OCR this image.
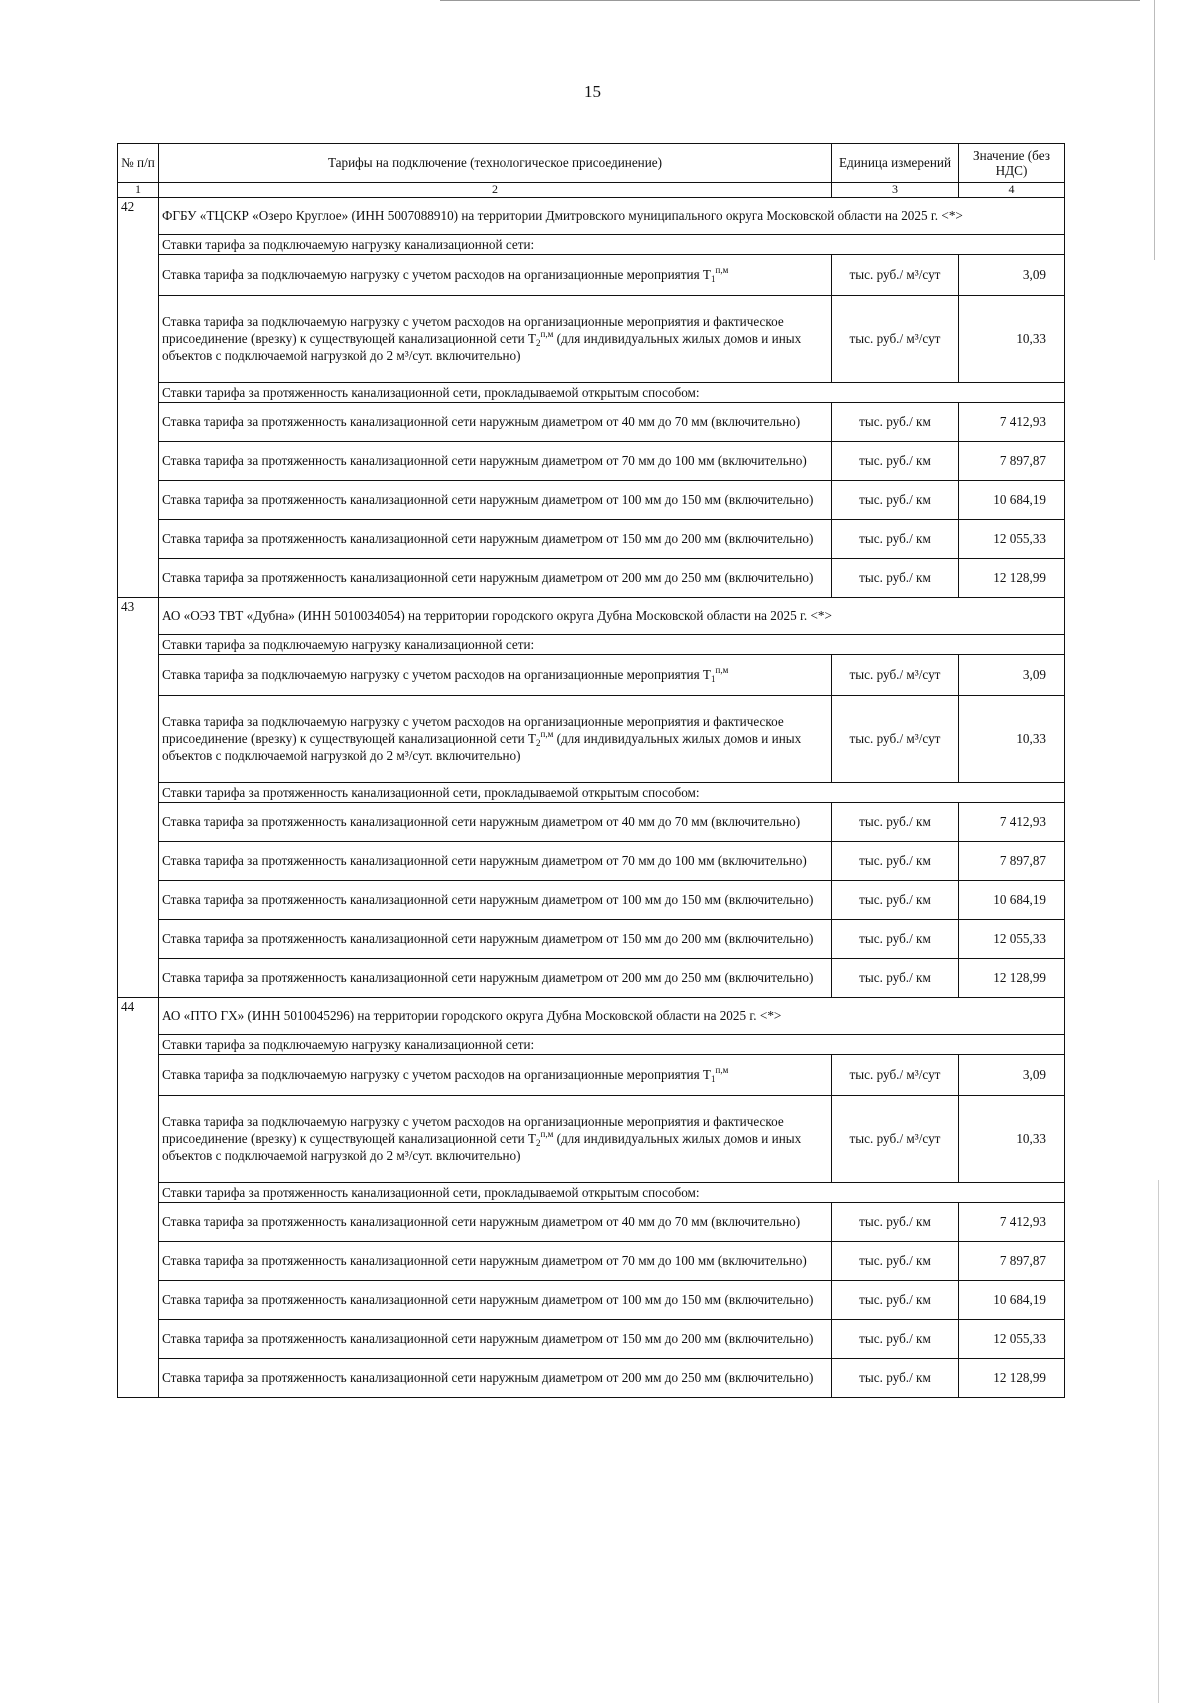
15
№ п/п	Тарифы на подключение (технологическое присоединение)	Единица измерений	Значение (без НДС)
1	2	3	4
42	ФГБУ «ТЦСКР «Озеро Круглое» (ИНН 5007088910) на территории Дмитровского муниципального округа Московской области на 2025 г. <*>		
	Ставки тарифа за подключаемую нагрузку канализационной сети:		
	Ставка тарифа за подключаемую нагрузку с учетом расходов на организационные мероприятия $T_1^{п,м}$	тыс. руб./ м³/сут	3,09
	Ставка тарифа за подключаемую нагрузку с учетом расходов на организационные мероприятия и фактическое присоединение (врезку) к существующей канализационной сети $T_2^{п,м}$ (для индивидуальных жилых домов и иных объектов с подключаемой нагрузкой до 2 м³/сут. включительно)	тыс. руб./ м³/сут	10,33
	Ставки тарифа за протяженность канализационной сети, прокладываемой открытым способом:		
	Ставка тарифа за протяженность канализационной сети наружным диаметром от 40 мм до 70 мм (включительно)	тыс. руб./ км	7 412,93
	Ставка тарифа за протяженность канализационной сети наружным диаметром от 70 мм до 100 мм (включительно)	тыс. руб./ км	7 897,87
	Ставка тарифа за протяженность канализационной сети наружным диаметром от 100 мм до 150 мм (включительно)	тыс. руб./ км	10 684,19
	Ставка тарифа за протяженность канализационной сети наружным диаметром от 150 мм до 200 мм (включительно)	тыс. руб./ км	12 055,33
	Ставка тарифа за протяженность канализационной сети наружным диаметром от 200 мм до 250 мм (включительно)	тыс. руб./ км	12 128,99
43	АО «ОЭЗ ТВТ «Дубна» (ИНН 5010034054) на территории городского округа Дубна Московской области на 2025 г. <*>		
	Ставки тарифа за подключаемую нагрузку канализационной сети:		
	Ставка тарифа за подключаемую нагрузку с учетом расходов на организационные мероприятия $T_1^{п,м}$	тыс. руб./ м³/сут	3,09
	Ставка тарифа за подключаемую нагрузку с учетом расходов на организационные мероприятия и фактическое присоединение (врезку) к существующей канализационной сети $T_2^{п,м}$ (для индивидуальных жилых домов и иных объектов с подключаемой нагрузкой до 2 м³/сут. включительно)	тыс. руб./ м³/сут	10,33
	Ставки тарифа за протяженность канализационной сети, прокладываемой открытым способом:		
	Ставка тарифа за протяженность канализационной сети наружным диаметром от 40 мм до 70 мм (включительно)	тыс. руб./ км	7 412,93
	Ставка тарифа за протяженность канализационной сети наружным диаметром от 70 мм до 100 мм (включительно)	тыс. руб./ км	7 897,87
	Ставка тарифа за протяженность канализационной сети наружным диаметром от 100 мм до 150 мм (включительно)	тыс. руб./ км	10 684,19
	Ставка тарифа за протяженность канализационной сети наружным диаметром от 150 мм до 200 мм (включительно)	тыс. руб./ км	12 055,33
	Ставка тарифа за протяженность канализационной сети наружным диаметром от 200 мм до 250 мм (включительно)	тыс. руб./ км	12 128,99
44	АО «ПТО ГХ» (ИНН 5010045296) на территории городского округа Дубна Московской области на 2025 г. <*>		
	Ставки тарифа за подключаемую нагрузку канализационной сети:		
	Ставка тарифа за подключаемую нагрузку с учетом расходов на организационные мероприятия $T_1^{п,м}$	тыс. руб./ м³/сут	3,09
	Ставка тарифа за подключаемую нагрузку с учетом расходов на организационные мероприятия и фактическое присоединение (врезку) к существующей канализационной сети $T_2^{п,м}$ (для индивидуальных жилых домов и иных объектов с подключаемой нагрузкой до 2 м³/сут. включительно)	тыс. руб./ м³/сут	10,33
	Ставки тарифа за протяженность канализационной сети, прокладываемой открытым способом:		
	Ставка тарифа за протяженность канализационной сети наружным диаметром от 40 мм до 70 мм (включительно)	тыс. руб./ км	7 412,93
	Ставка тарифа за протяженность канализационной сети наружным диаметром от 70 мм до 100 мм (включительно)	тыс. руб./ км	7 897,87
	Ставка тарифа за протяженность канализационной сети наружным диаметром от 100 мм до 150 мм (включительно)	тыс. руб./ км	10 684,19
	Ставка тарифа за протяженность канализационной сети наружным диаметром от 150 мм до 200 мм (включительно)	тыс. руб./ км	12 055,33
	Ставка тарифа за протяженность канализационной сети наружным диаметром от 200 мм до 250 мм (включительно)	тыс. руб./ км	12 128,99
